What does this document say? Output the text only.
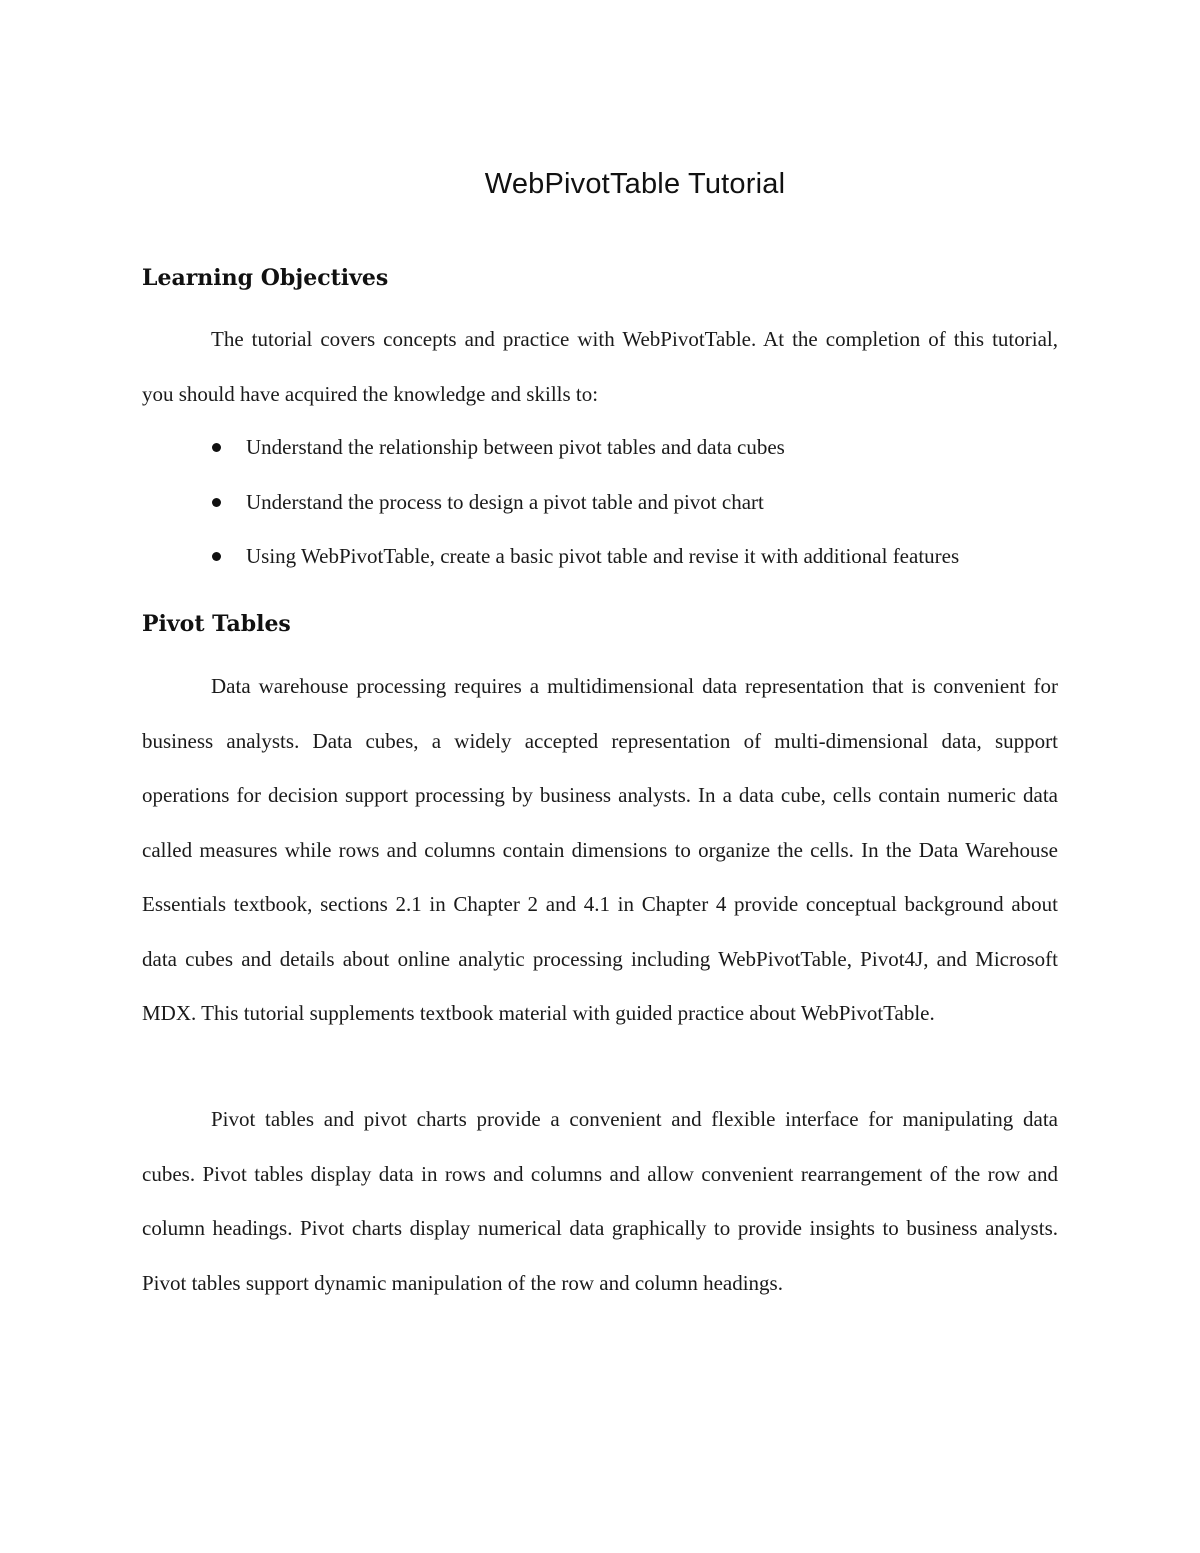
WebPivotTable Tutorial
Learning Objectives

The tutorial covers concepts and practice with WebPivotTable. At the completion of this tutorial, you should have acquired the knowledge and skills to:

Understand the relationship between pivot tables and data cubes
Understand the process to design a pivot table and pivot chart
Using WebPivotTable, create a basic pivot table and revise it with additional features
Pivot Tables

Data warehouse processing requires a multidimensional data representation that is convenient for business analysts. Data cubes, a widely accepted representation of multi-dimensional data, support operations for decision support processing by business analysts. In a data cube, cells contain numeric data called measures while rows and columns contain dimensions to organize the cells. In the Data Warehouse Essentials textbook, sections 2.1 in Chapter 2 and 4.1 in Chapter 4 provide conceptual background about data cubes and details about online analytic processing including WebPivotTable, Pivot4J, and Microsoft MDX. This tutorial supplements textbook material with guided practice about WebPivotTable.

Pivot tables and pivot charts provide a convenient and flexible interface for manipulating data cubes. Pivot tables display data in rows and columns and allow convenient rearrangement of the row and column headings. Pivot charts display numerical data graphically to provide insights to business analysts. Pivot tables support dynamic manipulation of the row and column headings.
